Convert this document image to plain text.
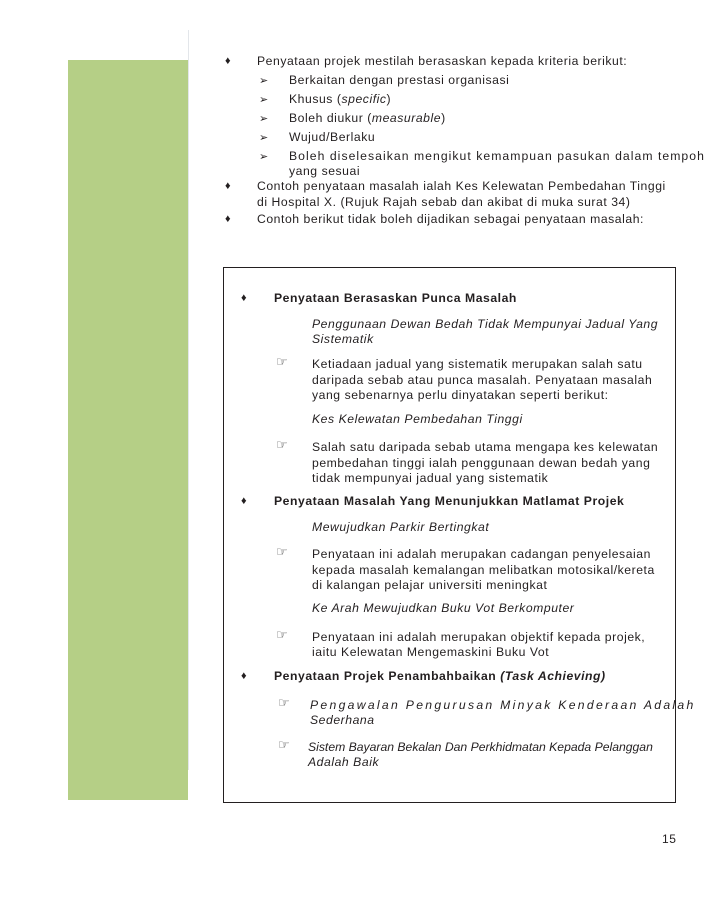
♦ Penyataan projek mestilah berasaskan kepada kriteria berikut:
➢ Berkaitan dengan prestasi organisasi
➢ Khusus (specific)
➢ Boleh diukur (measurable)
➢ Wujud/Berlaku
➢ Boleh diselesaikan mengikut kemampuan pasukan dalam tempoh
yang sesuai
♦ Contoh penyataan masalah ialah Kes Kelewatan Pembedahan Tinggi
di Hospital X. (Rujuk Rajah sebab dan akibat di muka surat 34)
♦ Contoh berikut tidak boleh dijadikan sebagai penyataan masalah:
♦ Penyataan Berasaskan Punca Masalah
Penggunaan Dewan Bedah Tidak Mempunyai Jadual Yang
Sistematik
☞ Ketiadaan jadual yang sistematik merupakan salah satu
daripada sebab atau punca masalah. Penyataan masalah
yang sebenarnya perlu dinyatakan seperti berikut:
Kes Kelewatan Pembedahan Tinggi
☞ Salah satu daripada sebab utama mengapa kes kelewatan
pembedahan tinggi ialah penggunaan dewan bedah yang
tidak mempunyai jadual yang sistematik
♦ Penyataan Masalah Yang Menunjukkan Matlamat Projek
Mewujudkan Parkir Bertingkat
☞ Penyataan ini adalah merupakan cadangan penyelesaian
kepada masalah kemalangan melibatkan motosikal/kereta
di kalangan pelajar universiti meningkat
Ke Arah Mewujudkan Buku Vot Berkomputer
☞ Penyataan ini adalah merupakan objektif kepada projek,
iaitu Kelewatan Mengemaskini Buku Vot
♦ Penyataan Projek Penambahbaikan (Task Achieving)
☞ Pengawalan Pengurusan Minyak Kenderaan Adalah
Sederhana
☞ Sistem Bayaran Bekalan Dan Perkhidmatan Kepada Pelanggan
Adalah Baik
15
